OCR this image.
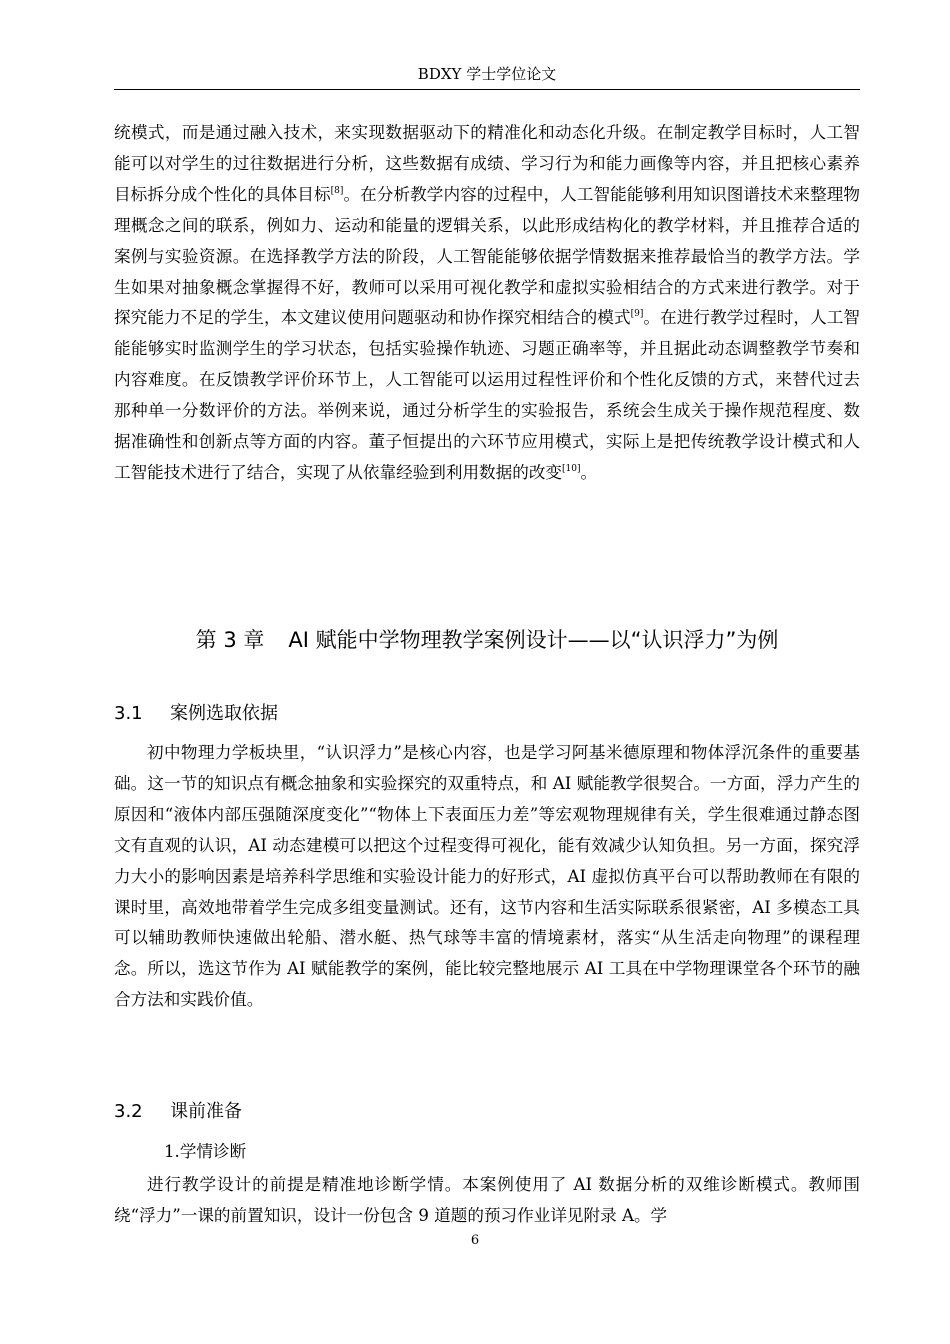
BDXY 学士学位论文

统模式，而是通过融入技术，来实现数据驱动下的精准化和动态化升级。在制定教学目标时，人工智能可以对学生的过往数据进行分析，这些数据有成绩、学习行为和能力画像等内容，并且把核心素养目标拆分成个性化的具体目标[8]。在分析教学内容的过程中，人工智能能够利用知识图谱技术来整理物理概念之间的联系，例如力、运动和能量的逻辑关系，以此形成结构化的教学材料，并且推荐合适的案例与实验资源。在选择教学方法的阶段，人工智能能够依据学情数据来推荐最恰当的教学方法。学生如果对抽象概念掌握得不好，教师可以采用可视化教学和虚拟实验相结合的方式来进行教学。对于探究能力不足的学生，本文建议使用问题驱动和协作探究相结合的模式[9]。在进行教学过程时，人工智能能够实时监测学生的学习状态，包括实验操作轨迹、习题正确率等，并且据此动态调整教学节奏和内容难度。在反馈教学评价环节上，人工智能可以运用过程性评价和个性化反馈的方式，来替代过去那种单一分数评价的方法。举例来说，通过分析学生的实验报告，系统会生成关于操作规范程度、数据准确性和创新点等方面的内容。董子恒提出的六环节应用模式，实际上是把传统教学设计模式和人工智能技术进行了结合，实现了从依靠经验到利用数据的改变[10]。

第 3 章 AI 赋能中学物理教学案例设计——以“认识浮力”为例
3.1 案例选取依据

初中物理力学板块里，“认识浮力”是核心内容，也是学习阿基米德原理和物体浮沉条件的重要基础。这一节的知识点有概念抽象和实验探究的双重特点，和 AI 赋能教学很契合。一方面，浮力产生的原因和“液体内部压强随深度变化”“物体上下表面压力差”等宏观物理规律有关，学生很难通过静态图文有直观的认识，AI 动态建模可以把这个过程变得可视化，能有效减少认知负担。另一方面，探究浮力大小的影响因素是培养科学思维和实验设计能力的好形式，AI 虚拟仿真平台可以帮助教师在有限的课时里，高效地带着学生完成多组变量测试。还有，这节内容和生活实际联系很紧密，AI 多模态工具可以辅助教师快速做出轮船、潜水艇、热气球等丰富的情境素材，落实“从生活走向物理”的课程理念。所以，选这节作为 AI 赋能教学的案例，能比较完整地展示 AI 工具在中学物理课堂各个环节的融合方法和实践价值。

3.2 课前准备
1.学情诊断

进行教学设计的前提是精准地诊断学情。本案例使用了 AI 数据分析的双维诊断模式。教师围绕“浮力”一课的前置知识，设计一份包含 9 道题的预习作业详见附录 A。学

6
